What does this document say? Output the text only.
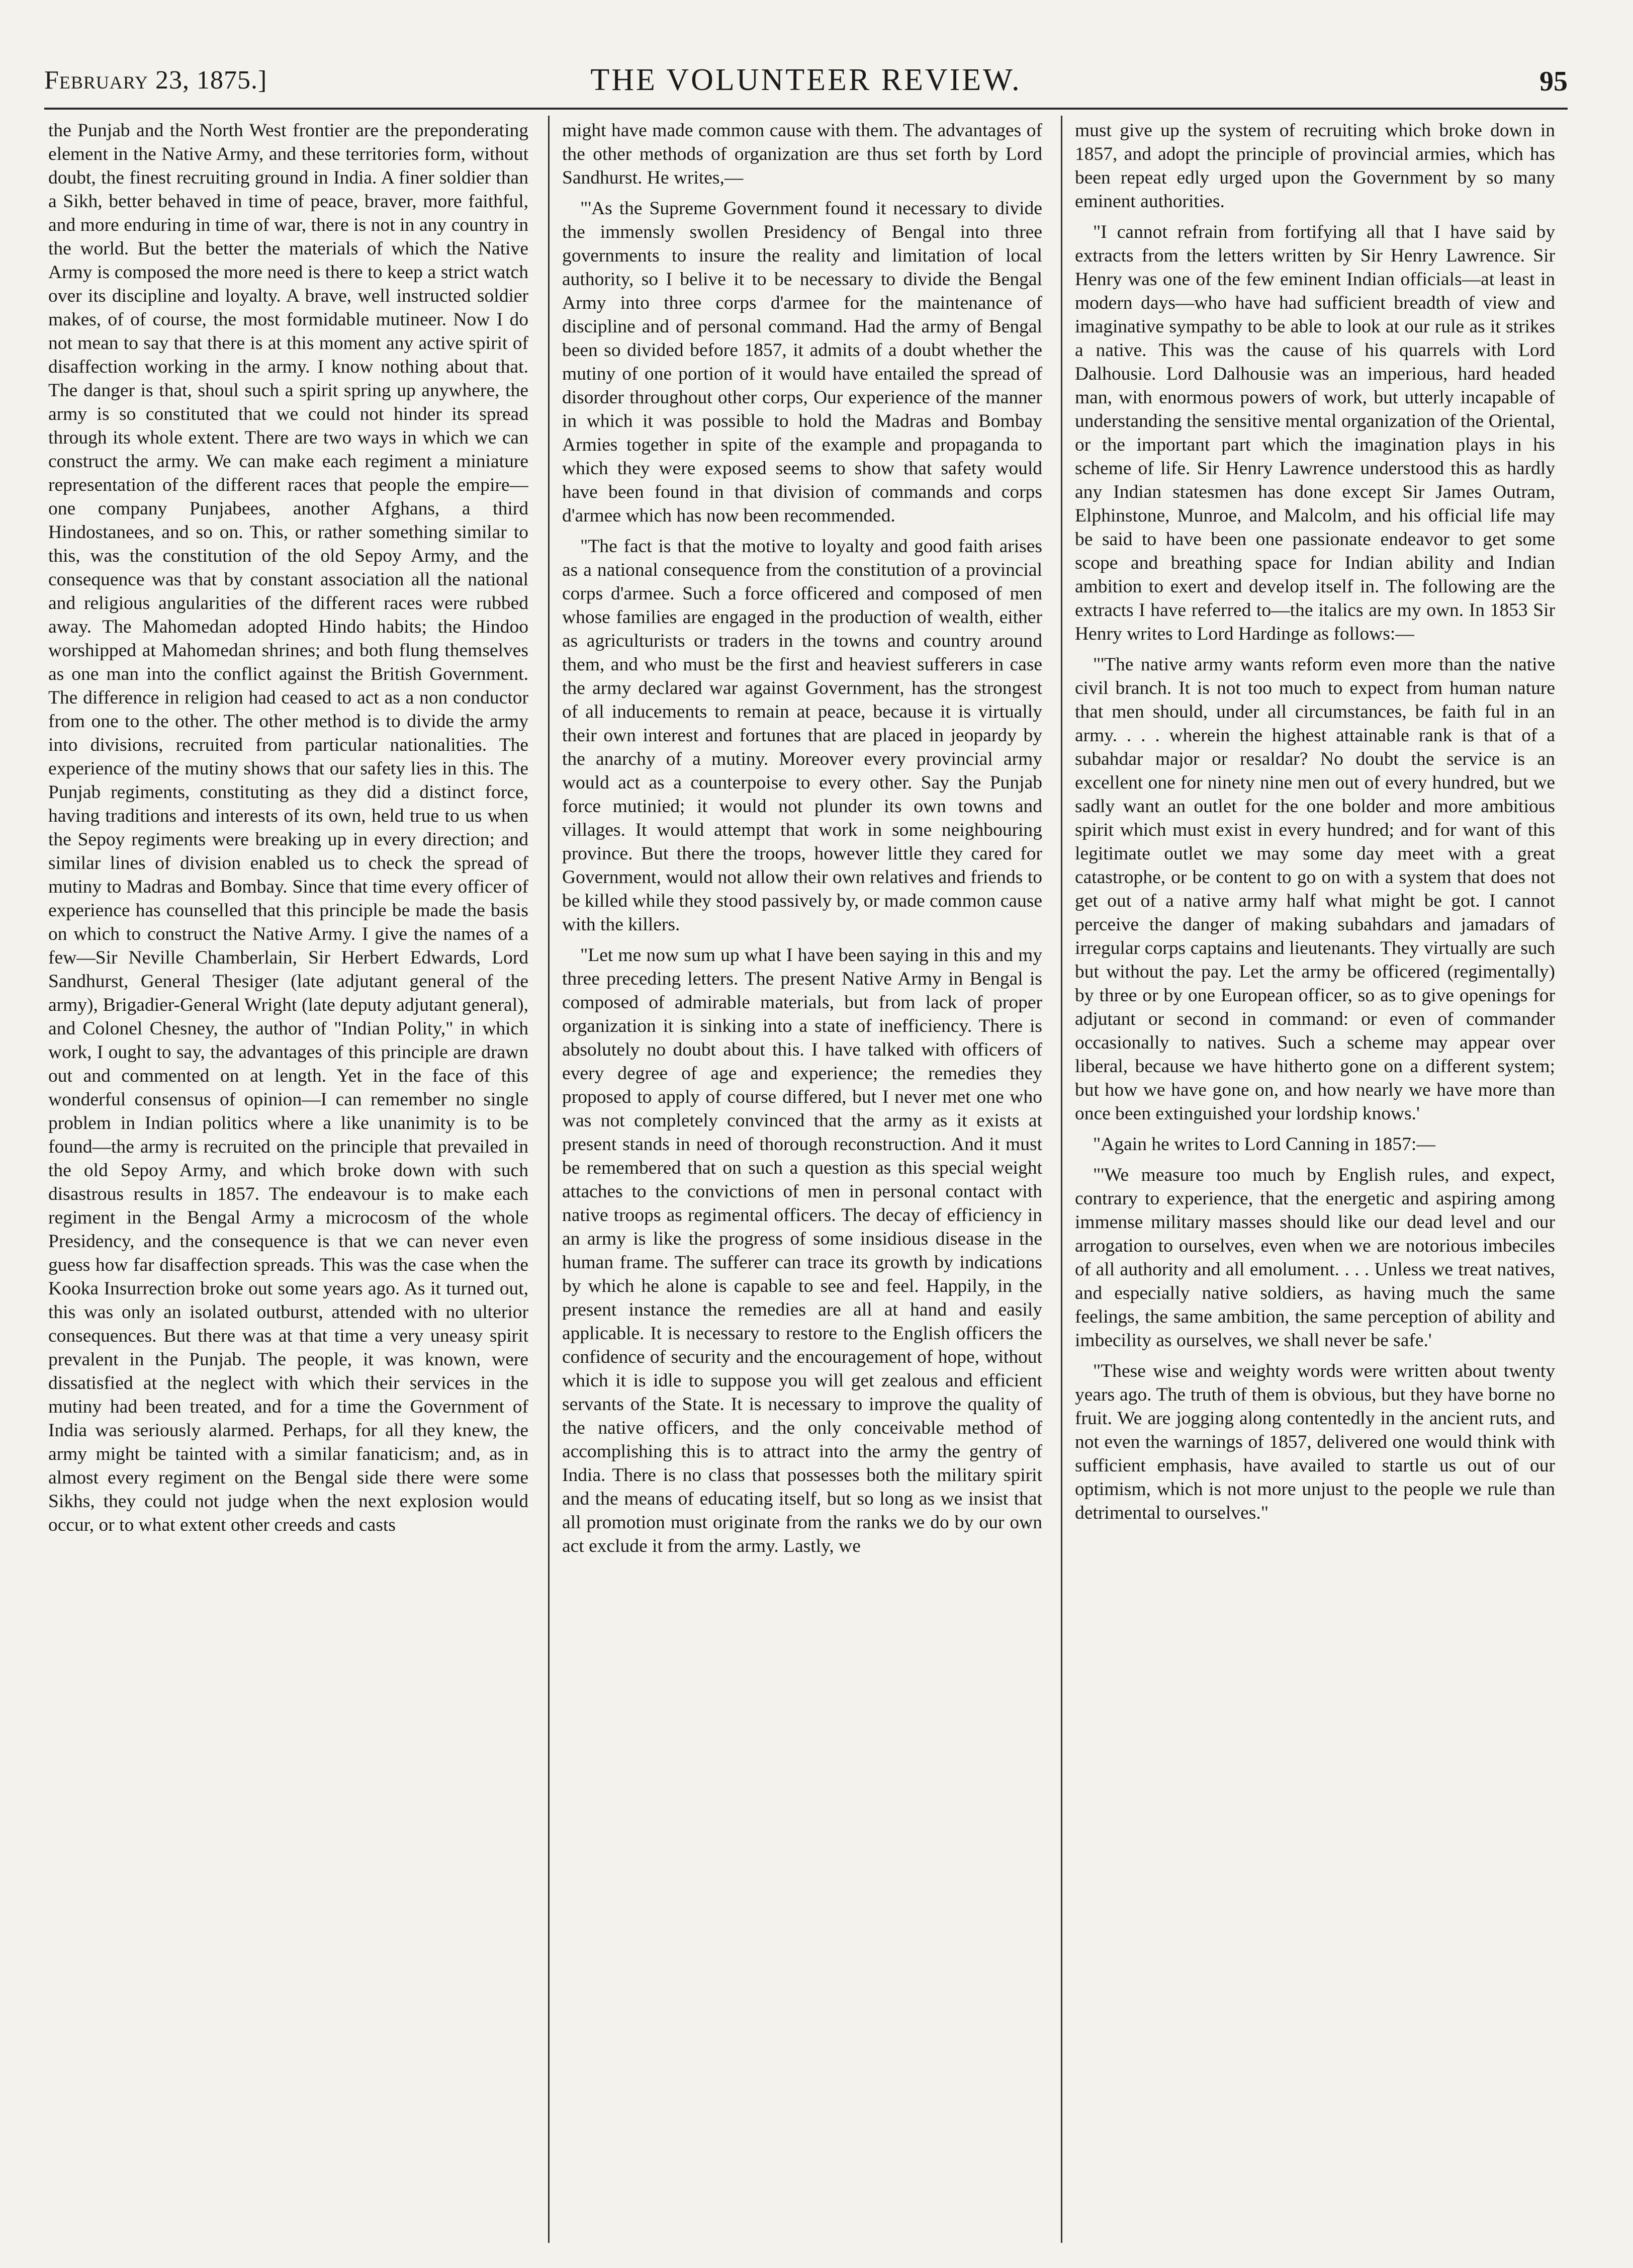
February 23, 1875.]	THE VOLUNTEER REVIEW.	95

the Punjab and the North West frontier are the preponderating element in the Native Army, and these territories form, without doubt, the finest recruiting ground in India. A finer soldier than a Sikh, better behaved in time of peace, braver, more faithful, and more enduring in time of war, there is not in any country in the world. But the better the materials of which the Native Army is composed the more need is there to keep a strict watch over its discipline and loyalty. A brave, well instructed soldier makes, of of course, the most formidable mutineer. Now I do not mean to say that there is at this moment any active spirit of disaffection working in the army. I know nothing about that. The danger is that, shoul such a spirit spring up anywhere, the army is so constituted that we could not hinder its spread through its whole extent. There are two ways in which we can construct the army. We can make each regiment a miniature representation of the different races that people the empire—one company Punjabees, another Afghans, a third Hindostanees, and so on. This, or rather something similar to this, was the constitution of the old Sepoy Army, and the consequence was that by constant association all the national and religious angularities of the different races were rubbed away. The Mahomedan adopted Hindo habits; the Hindoo worshipped at Mahomedan shrines; and both flung themselves as one man into the conflict against the British Government. The difference in religion had ceased to act as a non conductor from one to the other. The other method is to divide the army into divisions, recruited from particular nationalities. The experience of the mutiny shows that our safety lies in this. The Punjab regiments, constituting as they did a distinct force, having traditions and interests of its own, held true to us when the Sepoy regiments were breaking up in every direction; and similar lines of division enabled us to check the spread of mutiny to Madras and Bombay. Since that time every officer of experience has counselled that this principle be made the basis on which to construct the Native Army. I give the names of a few—Sir Neville Chamberlain, Sir Herbert Edwards, Lord Sandhurst, General Thesiger (late adjutant general of the army), Brigadier-General Wright (late deputy adjutant general), and Colonel Chesney, the author of "Indian Polity," in which work, I ought to say, the advantages of this principle are drawn out and commented on at length. Yet in the face of this wonderful consensus of opinion—I can remember no single problem in Indian politics where a like unanimity is to be found—the army is recruited on the principle that prevailed in the old Sepoy Army, and which broke down with such disastrous results in 1857. The endeavour is to make each regiment in the Bengal Army a microcosm of the whole Presidency, and the consequence is that we can never even guess how far disaffection spreads. This was the case when the Kooka Insurrection broke out some years ago. As it turned out, this was only an isolated outburst, attended with no ulterior consequences. But there was at that time a very uneasy spirit prevalent in the Punjab. The people, it was known, were dissatisfied at the neglect with which their services in the mutiny had been treated, and for a time the Government of India was seriously alarmed. Perhaps, for all they knew, the army might be tainted with a similar fanaticism; and, as in almost every regiment on the Bengal side there were some Sikhs, they could not judge when the next explosion would occur, or to what extent other creeds and casts

might have made common cause with them. The advantages of the other methods of organization are thus set forth by Lord Sandhurst. He writes,—

"'As the Supreme Government found it necessary to divide the immensly swollen Presidency of Bengal into three governments to insure the reality and limitation of local authority, so I belive it to be necessary to divide the Bengal Army into three corps d'armee for the maintenance of discipline and of personal command. Had the army of Bengal been so divided before 1857, it admits of a doubt whether the mutiny of one portion of it would have entailed the spread of disorder throughout other corps, Our experience of the manner in which it was possible to hold the Madras and Bombay Armies together in spite of the example and propaganda to which they were exposed seems to show that safety would have been found in that division of commands and corps d'armee which has now been recommended.

"The fact is that the motive to loyalty and good faith arises as a national consequence from the constitution of a provincial corps d'armee. Such a force officered and composed of men whose families are engaged in the production of wealth, either as agriculturists or traders in the towns and country around them, and who must be the first and heaviest sufferers in case the army declared war against Government, has the strongest of all inducements to remain at peace, because it is virtually their own interest and fortunes that are placed in jeopardy by the anarchy of a mutiny. Moreover every provincial army would act as a counterpoise to every other. Say the Punjab force mutinied; it would not plunder its own towns and villages. It would attempt that work in some neighbouring province. But there the troops, however little they cared for Government, would not allow their own relatives and friends to be killed while they stood passively by, or made common cause with the killers.

"Let me now sum up what I have been saying in this and my three preceding letters. The present Native Army in Bengal is composed of admirable materials, but from lack of proper organization it is sinking into a state of inefficiency. There is absolutely no doubt about this. I have talked with officers of every degree of age and experience; the remedies they proposed to apply of course differed, but I never met one who was not completely convinced that the army as it exists at present stands in need of thorough reconstruction. And it must be remembered that on such a question as this special weight attaches to the convictions of men in personal contact with native troops as regimental officers. The decay of efficiency in an army is like the progress of some insidious disease in the human frame. The sufferer can trace its growth by indications by which he alone is capable to see and feel. Happily, in the present instance the remedies are all at hand and easily applicable. It is necessary to restore to the English officers the confidence of security and the encouragement of hope, without which it is idle to suppose you will get zealous and efficient servants of the State. It is necessary to improve the quality of the native officers, and the only conceivable method of accomplishing this is to attract into the army the gentry of India. There is no class that possesses both the military spirit and the means of educating itself, but so long as we insist that all promotion must originate from the ranks we do by our own act exclude it from the army. Lastly, we

must give up the system of recruiting which broke down in 1857, and adopt the principle of provincial armies, which has been repeat edly urged upon the Government by so many eminent authorities.

"I cannot refrain from fortifying all that I have said by extracts from the letters written by Sir Henry Lawrence. Sir Henry was one of the few eminent Indian officials—at least in modern days—who have had sufficient breadth of view and imaginative sympathy to be able to look at our rule as it strikes a native. This was the cause of his quarrels with Lord Dalhousie. Lord Dalhousie was an imperious, hard headed man, with enormous powers of work, but utterly incapable of understanding the sensitive mental organization of the Oriental, or the important part which the imagination plays in his scheme of life. Sir Henry Lawrence understood this as hardly any Indian statesmen has done except Sir James Outram, Elphinstone, Munroe, and Malcolm, and his official life may be said to have been one passionate endeavor to get some scope and breathing space for Indian ability and Indian ambition to exert and develop itself in. The following are the extracts I have referred to—the italics are my own. In 1853 Sir Henry writes to Lord Hardinge as follows:—

"'The native army wants reform even more than the native civil branch. It is not too much to expect from human nature that men should, under all circumstances, be faith ful in an army. . . . wherein the highest attainable rank is that of a subahdar major or resaldar? No doubt the service is an excellent one for ninety nine men out of every hundred, but we sadly want an outlet for the one bolder and more ambitious spirit which must exist in every hundred; and for want of this legitimate outlet we may some day meet with a great catastrophe, or be content to go on with a system that does not get out of a native army half what might be got. I cannot perceive the danger of making subahdars and jamadars of irregular corps captains and lieutenants. They virtually are such but without the pay. Let the army be officered (regimentally) by three or by one European officer, so as to give openings for adjutant or second in command: or even of commander occasionally to natives. Such a scheme may appear over liberal, because we have hitherto gone on a different system; but how we have gone on, and how nearly we have more than once been extinguished your lordship knows.'

"Again he writes to Lord Canning in 1857:—

"'We measure too much by English rules, and expect, contrary to experience, that the energetic and aspiring among immense military masses should like our dead level and our arrogation to ourselves, even when we are notorious imbeciles of all authority and all emolument. . . . Unless we treat natives, and especially native soldiers, as having much the same feelings, the same ambition, the same perception of ability and imbecility as ourselves, we shall never be safe.'

"These wise and weighty words were written about twenty years ago. The truth of them is obvious, but they have borne no fruit. We are jogging along contentedly in the ancient ruts, and not even the warnings of 1857, delivered one would think with sufficient emphasis, have availed to startle us out of our optimism, which is not more unjust to the people we rule than detrimental to ourselves."
